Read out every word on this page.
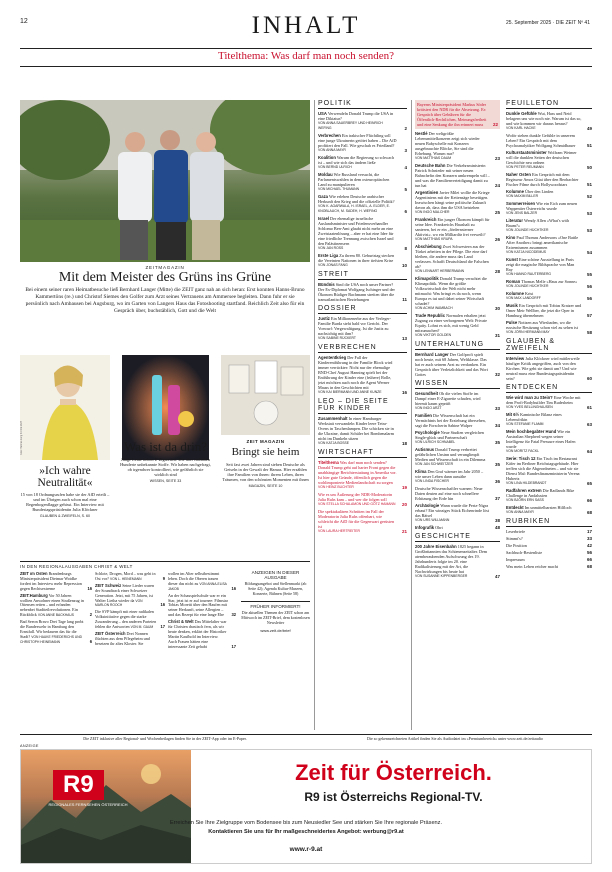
12	INHALT	25. September 2025 · DIE ZEIT Nº 41
Titelthema: Was darf man noch senden?
ZEITMAGAZIN
Mit dem Meister des Grüns ins Grüne
Bei einem seiner raren Heimatbesuche ließ Bernhard Langer (Mitte) die ZEIT ganz nah an sich heran: Erst konnten Hanns-Bruno Kammertöns (re.) und Christof Siemes den Golfer zum Arzt seines Vertrauens am Ammersee begleiten. Dann fuhr er sie persönlich nach Ambausen bei Augsburg, wo im Garten von Langers Haus das Fotoshooting startfand. Reichlich Zeit also für ein Gespräch über, buchstäblich, Gott und die Welt
Foto: Hannes Jung für DIE ZEIT
»Ich wahre Neutralität«
15 von 18 Ordnungsrufen habe sie der AfD erteilt – und im Übrigen auch schon mal eine Regenbogenflagge gehisst. Ein Interview mit Bundestagspräsidentin Julia Klöckner
GLAUBEN & ZWEIFELN, S. 60
Was ist da drin?
Junge Leute lieben E-Zigaretten. Die aber enthalten Hunderte unbekannte Stoffe. Wir haben nachgefragt, ob irgendwer kontrolliert, wie gefährlich sie wirklich sind
WISSEN, SEITE 33
ZEIT MAGAZIN
Bringt sie heim
Seit fast zwei Jahren sind sieben Deutsche als Geiseln in der Gewalt der Hamas. Hier erzählen ihre Familien von ihnen: ihrem Leben, ihren Träumen, von den schönsten Momenten mit ihnen
MAGAZIN, SEITE 10
IN DEN REGIONALAUSGABEN CHRIST & WELT
ZEIT im Osten Brandenburgs Ministerpräsident Dietmar Woidke fordert im Interview mehr Repression gegen Rechtsextreme	16
ZEIT:Hamburg Vor 50 Jahren wollten Anwohner einen Straßenzug in Ottensen retten – und erfanden nebenbei Stadtteilrevolutionen. Ein Rückblick VON ANNE BACKHAUS	2
Bad Seeon Bravo Drei Tage lang probt die Bundeswehr in Hamburg den Ernstfall. Wir bedauern das für die Stadt? VON HAUKE FRIEDERICHS UND CHRISTOPH HEINEMANN	6
Schlote, Drogen, Mord – was geht in Ost vor? VON L. HEINEMANN	9
ZEIT Schweiz Seine Lieder waren der Soundtrack einer Schweizer Generation. Jetzt, mit 75 Jahren, ist Walter Lietha wieder da VON MARLON ROOCH	16
Die SVP kämpft mit einer radikalen Volksinitiative gegen die starke Zuwanderung – den anderen Parteien fehlen die Antworten VON M. GAUM 17
ZEIT Österreich Drei Nonnen flüchten aus dem Pflegeheim und besetzen ihr altes Kloster. Sie
wollen im Alter selbstbestimmt leben. Doch die Oberen trauen dieser das nicht zu VON ANNA-ELISA JAKOB	16
An der Schauspielschule war er ein Star, jetzt ist er auf tournee: Filmstar Tobias Moretti über den Haufen mit seiner Herkunft, seine Allergien – und das Rezept für eine lange Ehe 32
Christ & Welt Das Mittelalter war für Christen drastisch fern, als wir heute denken, erklärt der Historiker Martin Kaufhold im Interview. Auch Frauen hätten eine interessante Zeit gehabt	17
ANZEIGEN IN DIESER AUSGABE
Bildungsangebot und Stellenmarkt (ab Seite 42); Agenda Kultur-Museen, Konzerte, Bühnen (Seite 58)
FRÜHER INFORMIERT!
Die aktuellen Themen der ZEIT schon am Mittwoch im ZEIT-Brief, dem kostenlosen Newsletter
www.zeit.de/brief
POLITIK
USA Verwendeln Donald Trump die USA in eine Diktatur?
VON ANNA SAUERBREY UND HEINRICH WEFING	2
Verbrechen Ein irakischer Flüchtling soll eine junge Ukrainerin getötet haben – Die AfD profitiert den Fall. Wie geschah es Friedland?
VON ANNA MAYR	3
Koalition Warum die Regierung so schwach ist – und wie sich das ändern ließe
VON BERND ULRICH	4
Moldau Wie Russland versucht, die Parlamentswahlen in dem osteuropäischen Land zu manipulieren
VON MICHAEL THUMANN	5
Gaza Wie erleben Deutsche arabischer Herkunft den Krieg und die offizielle Politik?
VON K. AGARWALA, H. ISRAEL, A. ELDER, E. KNOBLAUCH, M. SADEH, H. WEFING	6
Israel Der ehemalige israelische Auslandsminister und Friedensverhandler Schlomo Ben-Ami glaubt nicht mehr an eine Zweistaatenlösung – aber er hat eine Idee für eine friedliche Trennung zwischen Israel und den Palästinensern
VON JAN ROSS	8
Erste Liga Zu ihrem 80. Geburtstag stecken die Vereinten Nationen in ihrer tiefsten Krise
VON JONAS FANG	10
STREIT
Bündnis Sind die USA noch unser Partner? Der Ex-Diplomat Wolfgang Ischinger und der Ökonom Rüdiger Bachmann streiten über die transatlantischen Beziehungen	11
DOSSIER
Justiz Ein Millionenerbe aus der Verleger-Familie Burda steht bald vor Gericht. Der Vorwurf: Vergewaltigung. Ist die Justiz zu nachsichtig mit ihm?
VON SABINE RÜCKERT	13
VERBRECHEN
Agententkrieg Der Fall der Kinderentführung in der Familie Block wird immer verrückter: Nicht nur der ehemalige BND-Chef August Hanning spielt bei der Entführung der Kinder eine (frühere) Rolle, jetzt möchten auch noch die Agent Werner Mauss in den Geschichten mit
VON KAI BIERMANN UND ANNE KUNZE	16
LEO – DIE SEITE FÜR KINDER
Zusammenhalt In einer Hamburger Werkstatt verwandeln Kinder leere Tetra-Ovens in Taschenlampen. Die schicken sie in die Ukraine, damit Schüler bei Bombenalarm nicht im Dunkeln sitzen
VON KATJA BOSSE	18
WIRTSCHAFT
Titelthema Was darf man noch senden? Donald Trump geht auf harter Front gegen die unabhängige Berichterstattung in Amerika vor. Ist hier gute Gründe, öffentlich gegen die wohlimponierte Medienlandschaft zu sorgen
VON HEINZ BUCHTER	19
Wie es um Äußerung der NDR-Moderatorin Julia Ruhs kam – und wer die folgen soll
VON STELLA SCHALAMON UND GÖTZ HAMANN	20
Die spektakulären Schritten im Fall der Moderatorin Julia Ruhs offenbart, wie schleicht die AfD für die Gegenwart gerüsten ist
VON LAURA HERTREITER	21
Bayerns Ministerpräsident Markus Söder kritisiert den NDR für die Absetzung. Er: Gespräch über Gebühren für die Öffentlich-Rechtlichen, Meinungsfreiheit und eine Senkung die ihn erinnert muss 22
Nestlé Der weltgrößte Lebensmittelkonzern zeigt sich wieder neuen Babyschelle mit Konzern ausgebrauchte Blöcke, Sie sind die Erhebung. Warum nur?
VON MATTHIAS DAUM	23
Deutsche Bahn Die Verkehrsministerin Patrick Schnieder mit seiner neuen Bahnchefin den Konzern umkrempeln will – und was die Familienverteidigung damit zu tun hat	24
Argentinien Javier Milei wollte die Kriege Argentiniens mit der Kettensäge beseitigen. Inzwischen hängt seine politische Zukunft davon ab, dass ihm die USA beistehen
VON INGO MALCHER	25
Frankreich Ein junger Ökonom kämpft für seine Idee. Frankreichs Haushalt zu sanieren, bei er ein „fördernsterner Aktivist«. wo ein Milliardär frei verweilt?
VON MATTHIAS KRUPA	26
Abschiebung Zwei Schwestern aus der Türkei arbeiten in der Pflege. Die eine darf bleiben, die andere muss das Land verlassen. Schafft Deutschland die Falschen ab?
VON LENNART HERBERMANN	28
Klimapolitik Donald Trump verachtet die Klimapolitik. Wenn die größte Volkswirtschaft der Welt nicht mehr mitmacht: Was bringt es da noch, wenn Europa es tut und dabei seiner Wirtschaft schadet?
VON ACHIM WAMBACH	30
Trade Republic Normalen erhalten jetzt Zugang zu einer verborgenen Welt: Private Equity. Lohnt es sich, mit wenig Geld mitzumachen?
VON VIKTOR GOLDEN	31
UNTERHALTUNG
Bernhard Langer Der Golfprofi spielt noch heute, mit 68 Jahren, Weltklasse. Das hat er auch seinem Arzt zu verdanken. Ein Gespräch über Verletzlichkeit und das Wort Gottes	32
WISSEN
Gesundheit Ob die vielen Stoffe im Dampf einer E-Zigarette schaden, wird hiermit kaum geprüft
VON INGO ARZT	33
Familien Die Wissenschaft hat ein Vermächtnis bei der Erziehung übersehen, sagt die Forscherin Sabine Walper	34
Psychologie Neue Studien vergleichen Single-glück und Partnerschaft
VON ULRICH SCHNABEL	35
Autismus Donald Trump verbreitet gefährlichen Unsinn und verunglimpft Medien und Wissenschaft in ein Dilemma
VON JAN SCHWEITZER	35
Klima Den Graf wärmer im Jahr 2050 – wie unser Leben dann aussähe
VON LINDA FISCHER	36
Deutsche Wissenschaftler warnen: Neue Daten deuten auf eine noch schnellere Erhitzung der Erde hin	37
Archäologie Wann wurde die Pertz-Nigra erbaut? Ein winziges Stück Eichenrinde löst das Rätsel
VON URS WILLMANN	38
Infografik Ohrt	48
GESCHICHTE
200 Jahre Eisenbahn 1825 begann in Großbritannien das Schienenzeitalter. Dem atemberaubenden Aufschwung des 19. Jahrhunderts folgte im 20. eine Radikalisierung mit der Art, die Nachwirkungen bis heute hat
VON SUSANNE KIPPENBERGER	47
FEUILLETON
Dunkle Gefühle Wut, Hass und Neid belagern uns wie noch nie. Warum ist das so, und wie kommen wir daraus heraus?
VON KARL HACKE	49
Woför stehen dunkle Gefühle in unserem Leben? Ein Gespräch mit dem Psychoanalytiker Wolfgang Schmidbauer	51
Kulturstaatsminister Wolfram Weimer will die dunklen Seiten der deutschen Geschichte neu ordnen
VON PETER REUMANN	50
Naher Osten Ein Gespräch mit dem Regisseur Amos Gitai über den Beobachter Fischer Filme durch Hollywoodstars	51
Kolumne Über den Linden
VON MAXIM BILLER	52
Sommerreisen Wie ein Eich zum neuen Wappentier Österreichs wurde
VON JENS BALZER	53
Literatur Wendy Allen »What's with Baum?«
VON JOLINDE HÜCHTKER	53
Kino Paul Thomas Andersons »One Battle After Another« bringt amerikanische Extremismen zusammen
VON KATJA NICODEMUS	54
Kunst Eine schöne Ausstellung in Paris zeigt die magische Bildsprache von Man Ray
VON HANNO RAUTERBERG	55
Roman Thomas Melle »Haus zur Sonne«
VON JOLINDE HÜCHTKER	56
Kolumne Krisi
VON MAX LANDORFF	56
Musik Ein Gespräch mit Tobias Kratzer und Omer Meir Wellber, die jetzt die Oper in Hamburg übernehmen	57
Pulse Notizen aus Wiesbaden, wo die russische Besitzung schon viel zu sehen ist
VON JÖRN HERMANN MAY	58
GLAUBEN & ZWEIFELN
Interview Julia Klöckner wird mittlerweile häufiger Kritik angegriffen, auch von den Kirchen. Wie geht sie damit um? Und wie neutral muss eine Bundestagspräsidentin sein?	60
ENTDECKEN
Wie wird man zu Stein? Eine Woche mit dem Profi-Bodybuilder Tim Budesheim
VON YVES BELLINGHAUSEN	61
Mit 6½ Kaminische Bilanz eines Lebensfriktn
VON STEFANIE FLAMM	63
Mein hochbegabter Hund Wie ein Australian Shepherd wegen seiner Intelligenz für Fatal Pressure eines Hafen wurde
VON MORITZ FACKL	64
Serie: Tisch 12 Ein Tisch im Restaurant Käfer im Berliner Reichstagsgebäude. Hier treffen sich die Abgeordneten – und wir sie Dienst Mal: Bundesfinanzministerin Verena Hubertz
VON LINA HILDEBRANDT	65
Radfahren extrem Die Radlands Bike Challenge in Andalusien
VON BJÖRN ERN SASS	66
Entdeckt Im unmittelbarsten Hilfloch
VON ANNA MAYR	68
RUBRIKEN
Leserbriefe	17
Stimmt's?	33
Die Position	42
Sachbuch-Bestenliste	56
Impressum	66
Was mein Leben reicher macht	68
Die ZEIT inklusive aller Regional- und Wochenbeilagen finden Sie in der ZEIT-App oder im E-Paper.	Die so gekennzeichneten Artikel finden Sie als Audiodatei im »Premiumbereich« unter www.zeit.de/zeitaudio
ANZEIGE
R9
REGIONALES FERNSEHEN ÖSTERREICH
Zeit für Österreich.
R9 ist Österreichs Regional-TV.
Erreichen Sie Ihre Zielgruppe vom Bodensee bis zum Neusiedler See und stärken Sie Ihre regionale Präsenz.
Kontaktieren Sie uns für Ihr maßgeschneidertes Angebot: werbung@r9.at
www.r-9.at
